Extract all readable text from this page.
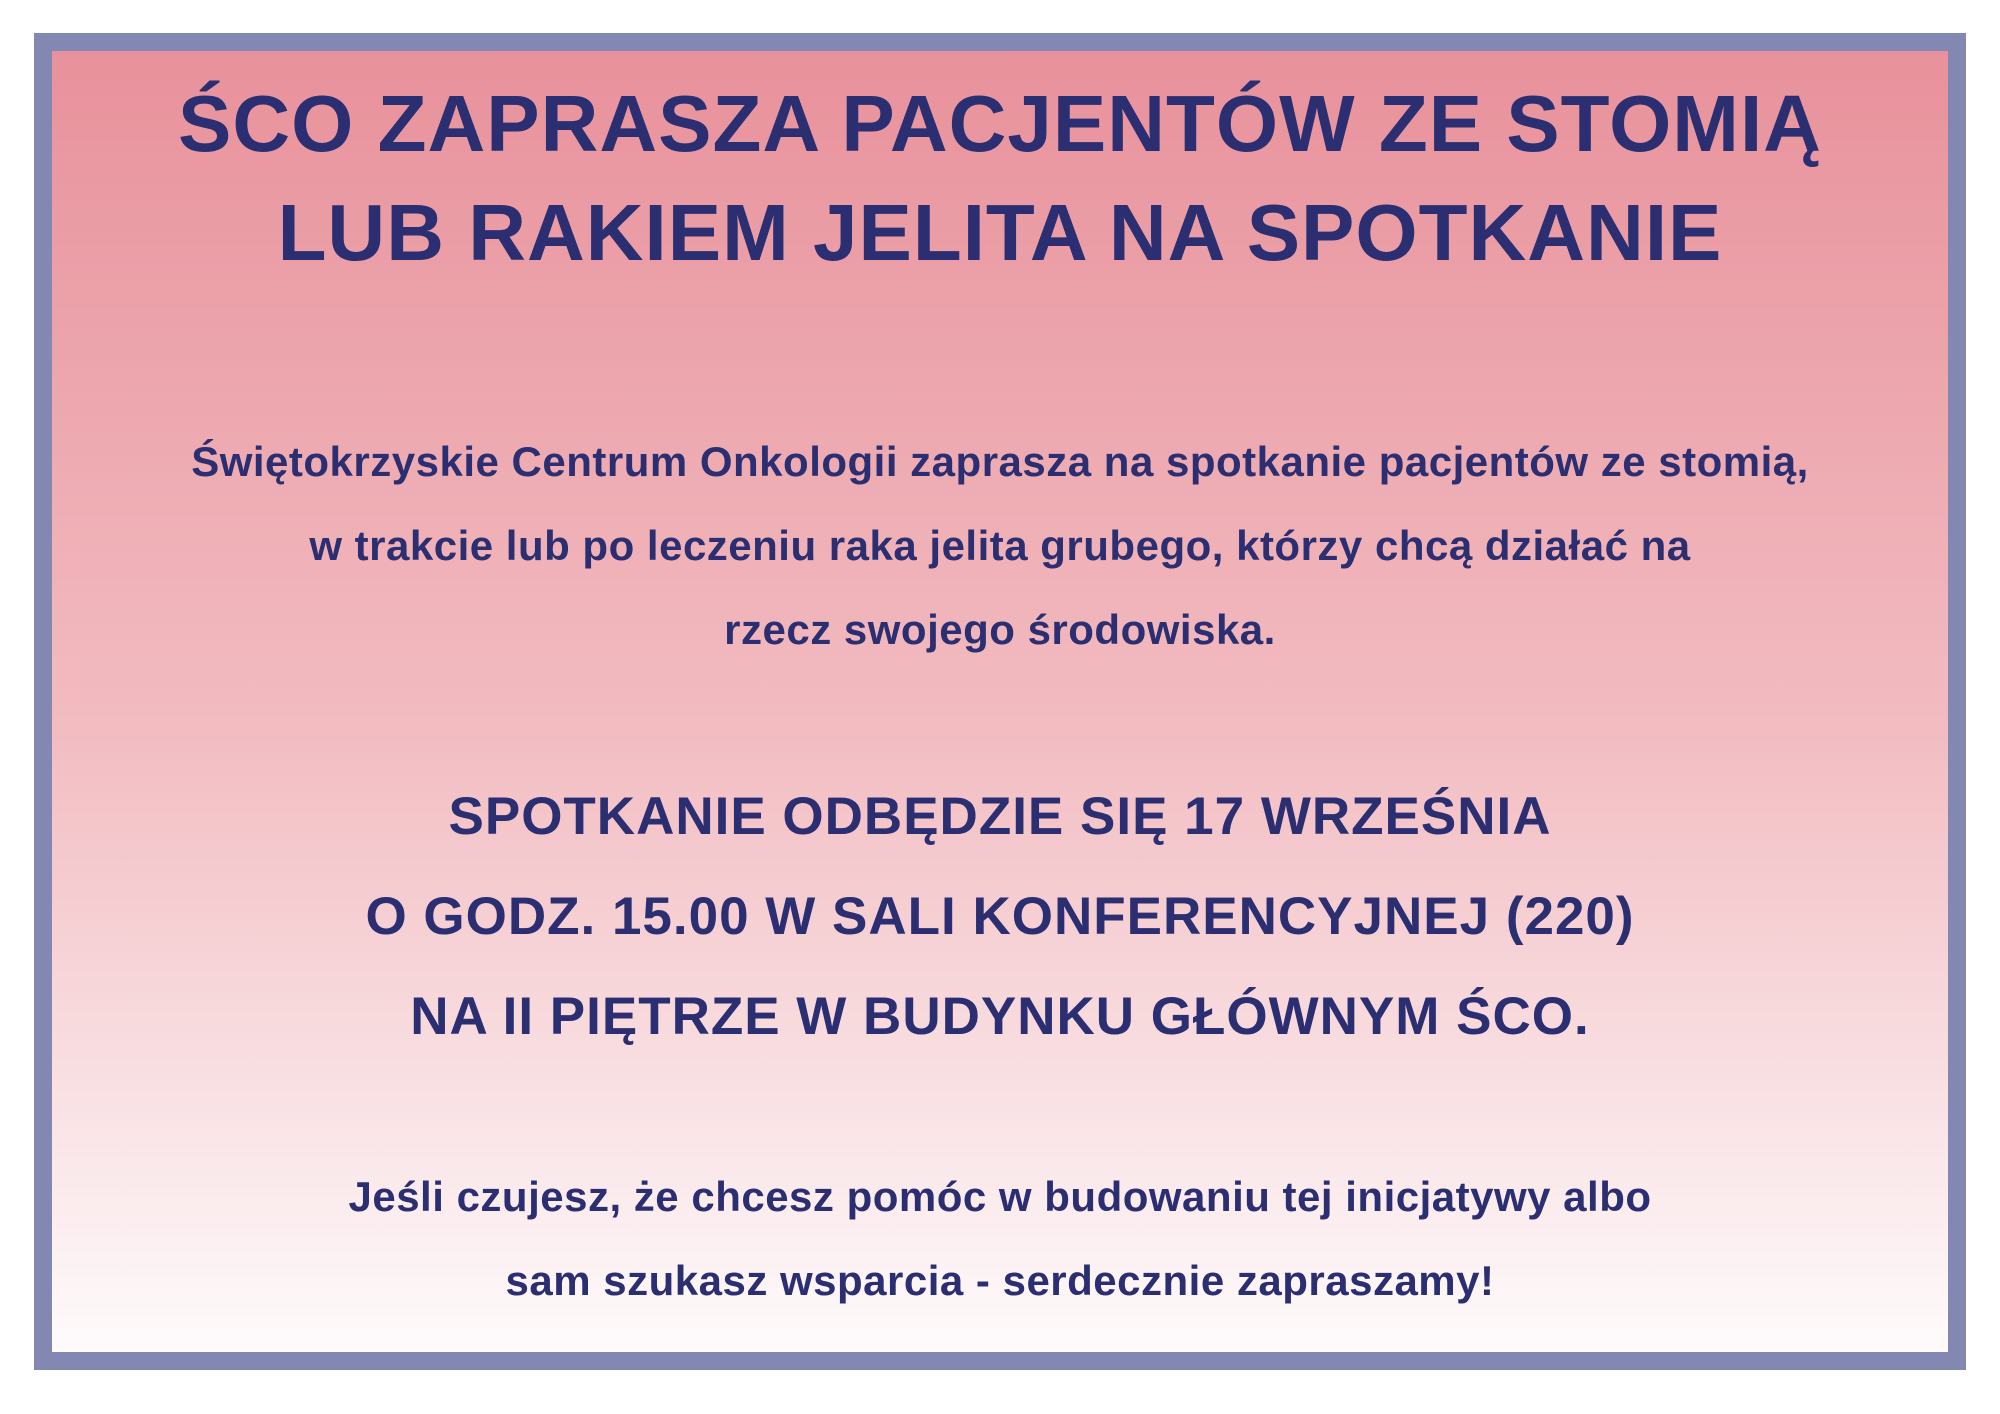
ŚCO ZAPRASZA PACJENTÓW ZE STOMIĄ
LUB RAKIEM JELITA NA SPOTKANIE

Świętokrzyskie Centrum Onkologii zaprasza na spotkanie pacjentów ze stomią,
w trakcie lub po leczeniu raka jelita grubego, którzy chcą działać na
rzecz swojego środowiska.

SPOTKANIE ODBĘDZIE SIĘ 17 WRZEŚNIA
O GODZ. 15.00 W SALI KONFERENCYJNEJ (220)
NA II PIĘTRZE W BUDYNKU GŁÓWNYM ŚCO.

Jeśli czujesz, że chcesz pomóc w budowaniu tej inicjatywy albo
sam szukasz wsparcia - serdecznie zapraszamy!
